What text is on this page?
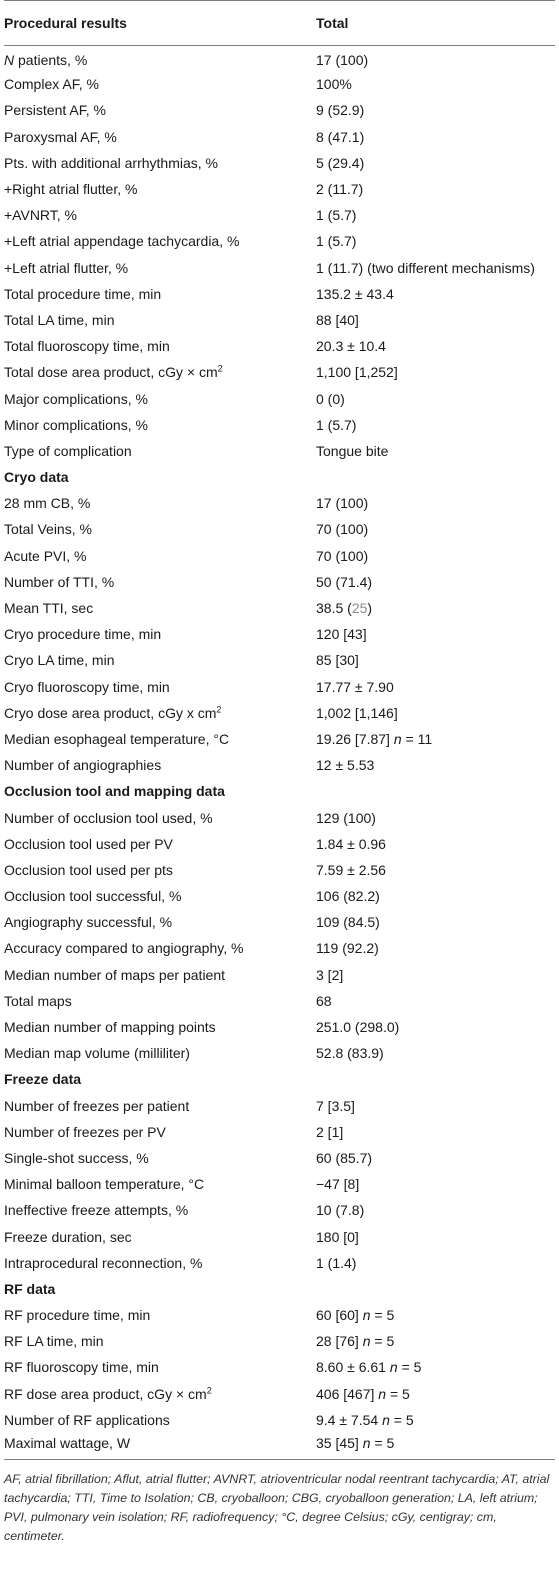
Procedural results	Total
N patients, %	17 (100)
Complex AF, %	100%
Persistent AF, %	9 (52.9)
Paroxysmal AF, %	8 (47.1)
Pts. with additional arrhythmias, %	5 (29.4)
+Right atrial flutter, %	2 (11.7)
+AVNRT, %	1 (5.7)
+Left atrial appendage tachycardia, %	1 (5.7)
+Left atrial flutter, %	1 (11.7) (two different mechanisms)
Total procedure time, min	135.2 ± 43.4
Total LA time, min	88 [40]
Total fluoroscopy time, min	20.3 ± 10.4
Total dose area product, cGy × $cm^2$	1,100 [1,252]
Major complications, %	0 (0)
Minor complications, %	1 (5.7)
Type of complication	Tongue bite
Cryo data	
28 mm CB, %	17 (100)
Total Veins, %	70 (100)
Acute PVI, %	70 (100)
Number of TTI, %	50 (71.4)
Mean TTI, sec	38.5 (25)
Cryo procedure time, min	120 [43]
Cryo LA time, min	85 [30]
Cryo fluoroscopy time, min	17.77 ± 7.90
Cryo dose area product, cGy x $cm^2$	1,002 [1,146]
Median esophageal temperature, °C	19.26 [7.87] n = 11
Number of angiographies	12 ± 5.53
Occlusion tool and mapping data	
Number of occlusion tool used, %	129 (100)
Occlusion tool used per PV	1.84 ± 0.96
Occlusion tool used per pts	7.59 ± 2.56
Occlusion tool successful, %	106 (82.2)
Angiography successful, %	109 (84.5)
Accuracy compared to angiography, %	119 (92.2)
Median number of maps per patient	3 [2]
Total maps	68
Median number of mapping points	251.0 (298.0)
Median map volume (milliliter)	52.8 (83.9)
Freeze data	
Number of freezes per patient	7 [3.5]
Number of freezes per PV	2 [1]
Single-shot success, %	60 (85.7)
Minimal balloon temperature, °C	−47 [8]
Ineffective freeze attempts, %	10 (7.8)
Freeze duration, sec	180 [0]
Intraprocedural reconnection, %	1 (1.4)
RF data	
RF procedure time, min	60 [60] n = 5
RF LA time, min	28 [76] n = 5
RF fluoroscopy time, min	8.60 ± 6.61 n = 5
RF dose area product, cGy × $cm^2$	406 [467] n = 5
Number of RF applications	9.4 ± 7.54 n = 5
Maximal wattage, W	35 [45] n = 5
AF, atrial fibrillation; Aflut, atrial flutter; AVNRT, atrioventricular nodal reentrant tachycardia; AT, atrial tachycardia; TTI, Time to Isolation; CB, cryoballoon; CBG, cryoballoon generation; LA, left atrium; PVI, pulmonary vein isolation; RF, radiofrequency; °C, degree Celsius; cGy, centigray; cm, centimeter.
